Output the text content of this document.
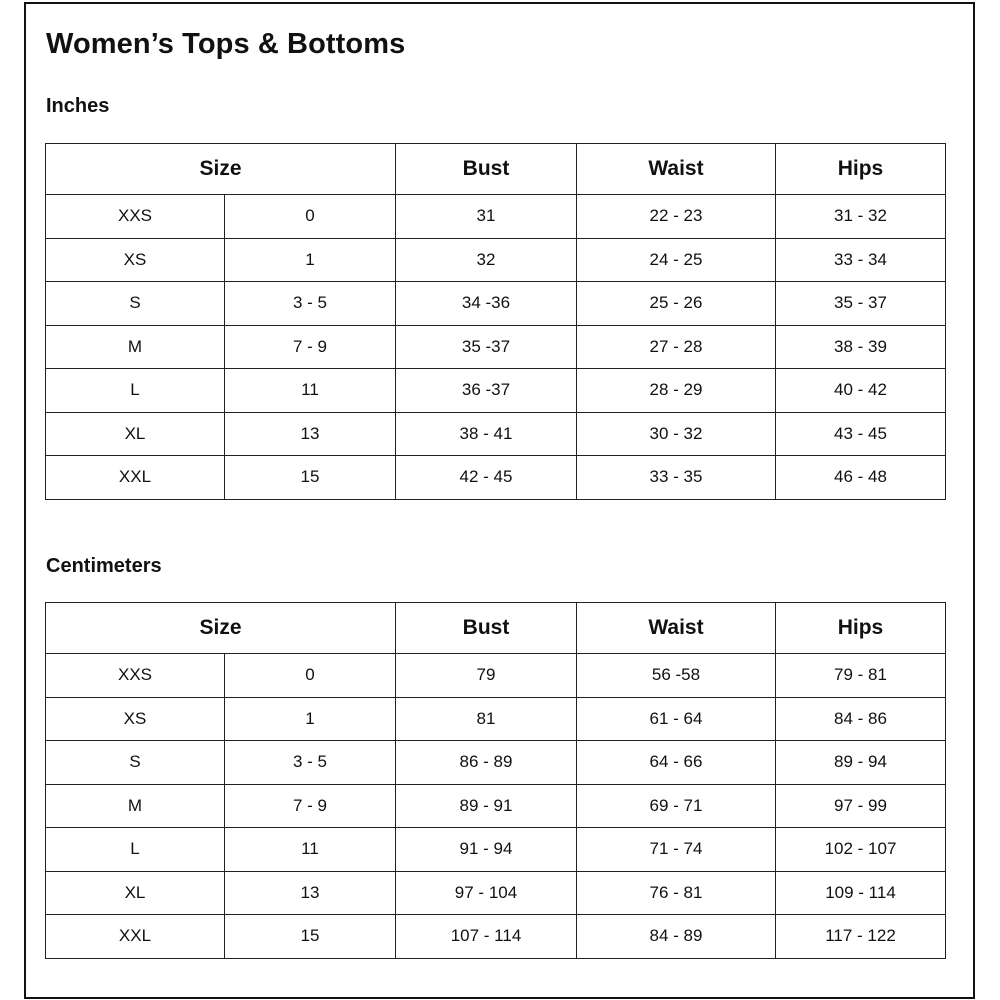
Women’s Tops & Bottoms
Inches
Size		Bust	Waist	Hips
XXS	0	31	22 - 23	31 - 32
XS	1	32	24 - 25	33 - 34
S	3 - 5	34 -36	25 - 26	35 - 37
M	7 - 9	35 -37	27 - 28	38 - 39
L	11	36 -37	28 - 29	40 - 42
XL	13	38 - 41	30 - 32	43 - 45
XXL	15	42 - 45	33 - 35	46 - 48
Centimeters
Size		Bust	Waist	Hips
XXS	0	79	56 -58	79 - 81
XS	1	81	61 - 64	84 - 86
S	3 - 5	86 - 89	64 - 66	89 - 94
M	7 - 9	89 - 91	69 - 71	97 - 99
L	11	91 - 94	71 - 74	102 - 107
XL	13	97 - 104	76 - 81	109 - 114
XXL	15	107 - 114	84 - 89	117 - 122
